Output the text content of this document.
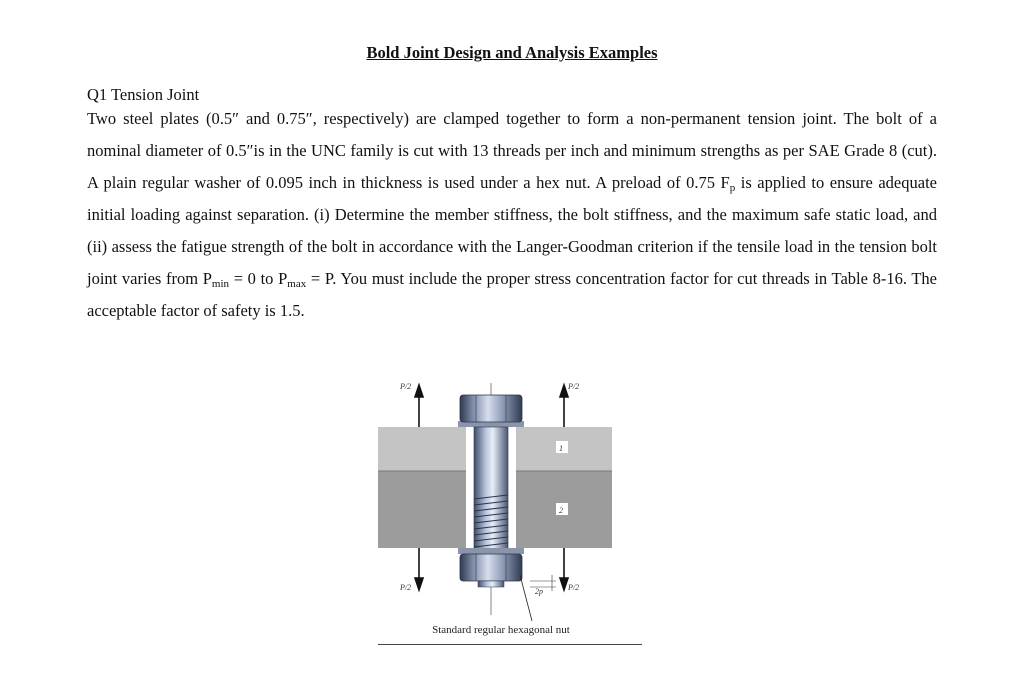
Bold Joint Design and Analysis Examples
Q1 Tension Joint

Two steel plates (0.5″ and 0.75″, respectively) are clamped together to form a non-permanent tension joint. The bolt of a nominal diameter of 0.5″is in the UNC family is cut with 13 threads per inch and minimum strengths as per SAE Grade 8 (cut). A plain regular washer of 0.095 inch in thickness is used under a hex nut. A preload of 0.75 $F_p$ is applied to ensure adequate initial loading against separation. (i) Determine the member stiffness, the bolt stiffness, and the maximum safe static load, and (ii) assess the fatigue strength of the bolt in accordance with the Langer-Goodman criterion if the tensile load in the tension bolt joint varies from $P_{min} = 0$ to $P_{max} = P$. You must include the proper stress concentration factor for cut threads in Table 8-16. The acceptable factor of safety is 1.5.

P/2	P/2
P/2	P/2
1
2
2p
Standard regular hexagonal nut
